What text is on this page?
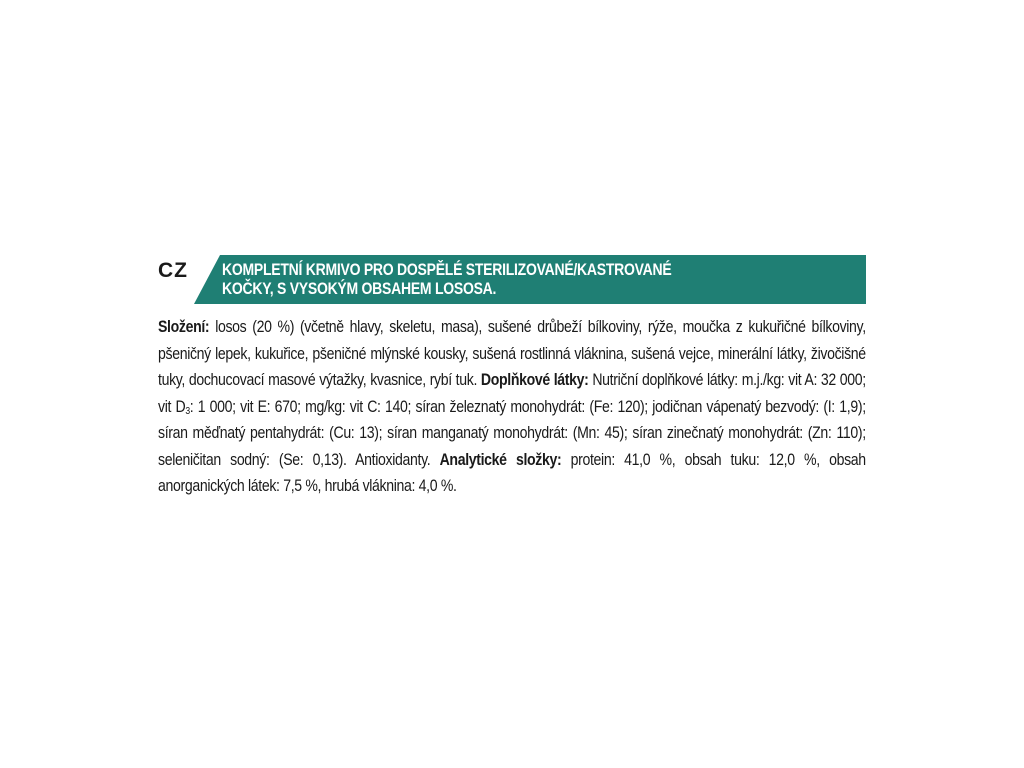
CZ KOMPLETNÍ KRMIVO PRO DOSPĚLÉ STERILIZOVANÉ/KASTROVANÉ
KOČKY, S VYSOKÝM OBSAHEM LOSOSA.
Složení: losos (20 %) (včetně hlavy, skeletu, masa), sušené drůbeží bílkoviny, rýže, moučka z kukuřičné bílkoviny, pšeničný lepek, kukuřice, pšeničné mlýnské kousky, sušená rostlinná vláknina, sušená vejce, minerální látky, živočišné tuky, dochucovací masové výtažky, kvasnice, rybí tuk. Doplňkové látky: Nutriční doplňkové látky: m.j./kg: vit A: 32 000; vit $D_3$: 1 000; vit E: 670; mg/kg: vit C: 140; síran železnatý monohydrát: (Fe: 120); jodičnan vápenatý bezvodý: (I: 1,9); síran měďnatý pentahydrát: (Cu: 13); síran manganatý monohydrát: (Mn: 45); síran zinečnatý monohydrát: (Zn: 110); seleničitan sodný: (Se: 0,13). Antioxidanty. Analytické složky: protein: 41,0 %, obsah tuku: 12,0 %, obsah anorganických látek: 7,5 %, hrubá vláknina: 4,0 %.
